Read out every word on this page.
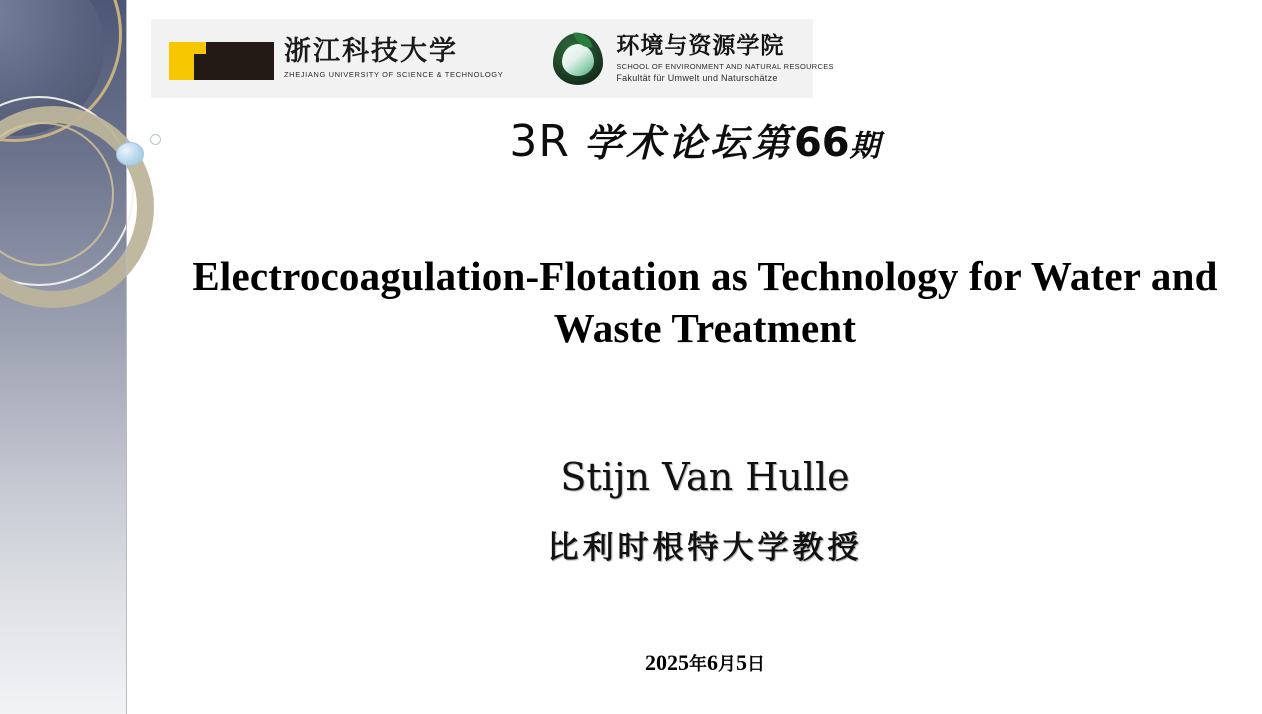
浙江科技大学
ZHEJIANG UNIVERSITY OF SCIENCE & TECHNOLOGY
环境与资源学院
SCHOOL OF ENVIRONMENT AND NATURAL RESOURCES
Fakultät für Umwelt und Naturschätze
3R 学术论坛第 66 期
Electrocoagulation-Flotation as Technology for Water and Waste Treatment
Stijn Van Hulle
比利时根特大学教授
2025年6月5日
